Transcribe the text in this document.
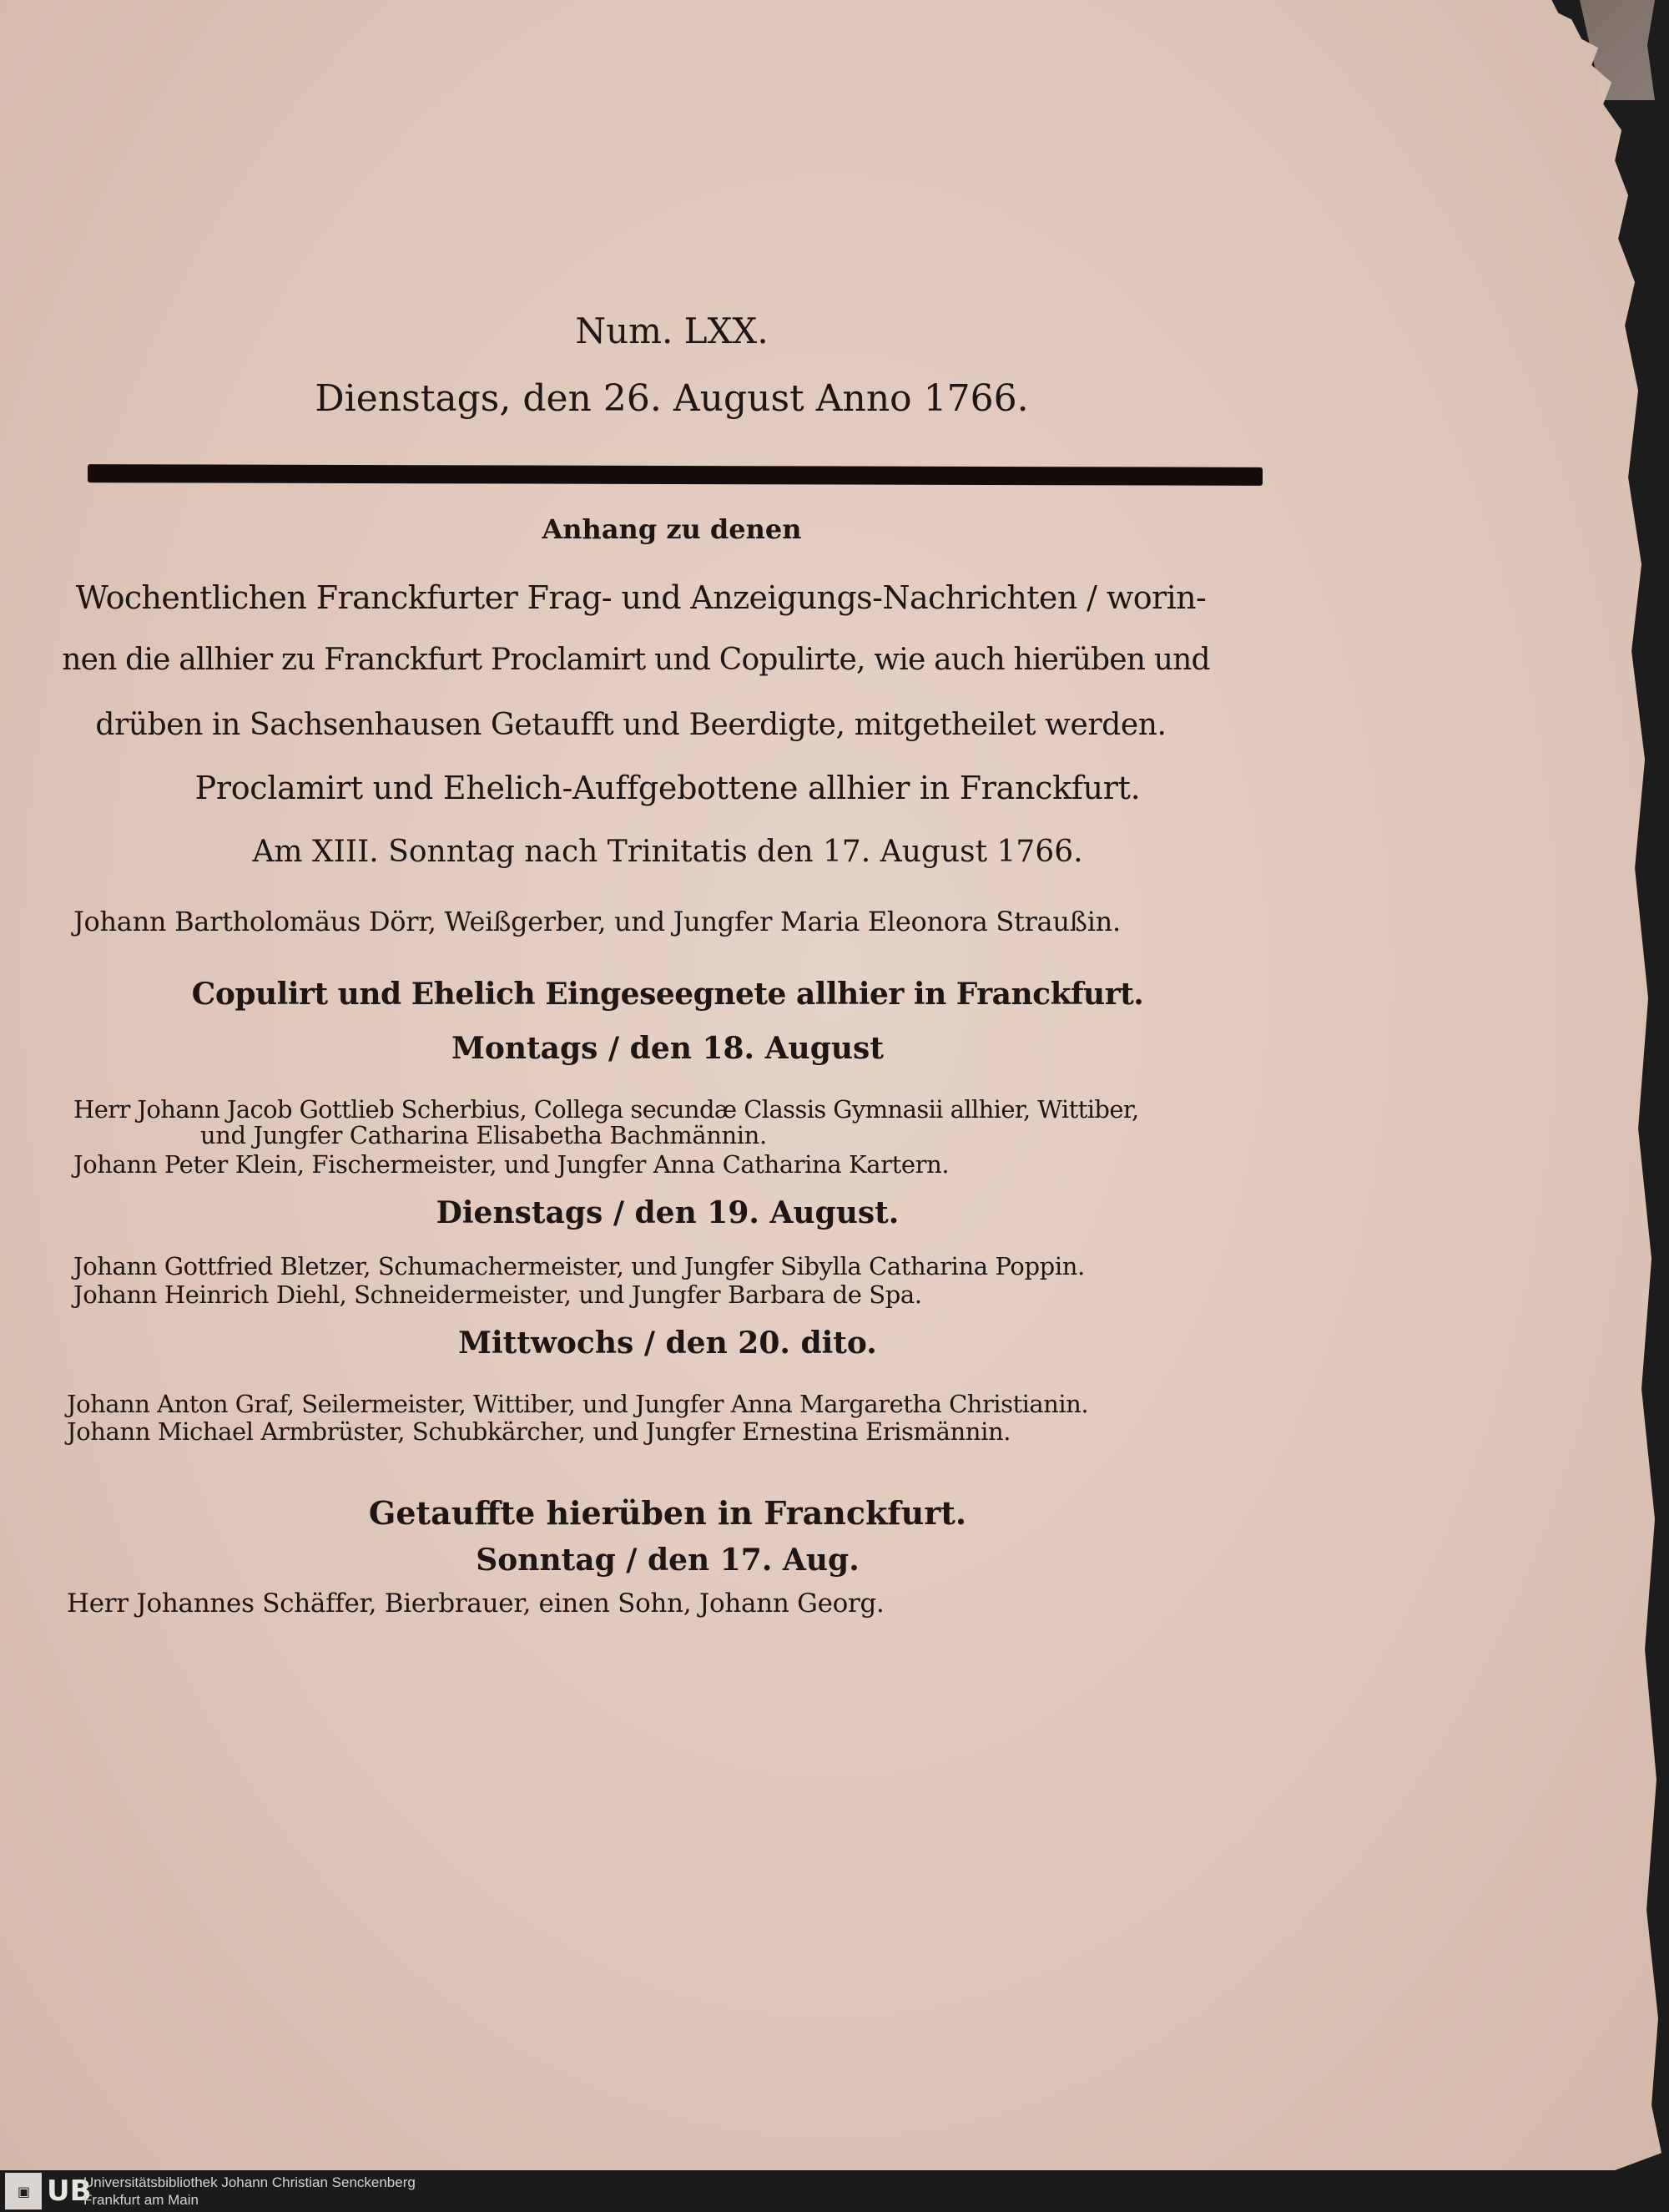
Num. LXX.
Dienstags, den 26. August Anno 1766.
Anhang zu denen
Wochentlichen Franckfurter Frag- und Anzeigungs-Nachrichten / worin-
nen die allhier zu Franckfurt Proclamirt und Copulirte, wie auch hierüben und
drüben in Sachsenhausen Getaufft und Beerdigte, mitgetheilet werden.
Proclamirt und Ehelich-Auffgebottene allhier in Franckfurt.
Am XIII. Sonntag nach Trinitatis den 17. August 1766.
Johann Bartholomäus Dörr, Weißgerber, und Jungfer Maria Eleonora Straußin.
Copulirt und Ehelich Eingeseegnete allhier in Franckfurt.
Montags / den 18. August
Herr Johann Jacob Gottlieb Scherbius, Collega secundæ Classis Gymnasii allhier, Wittiber,
und Jungfer Catharina Elisabetha Bachmännin.
Johann Peter Klein, Fischermeister, und Jungfer Anna Catharina Kartern.
Dienstags / den 19. August.
Johann Gottfried Bletzer, Schumachermeister, und Jungfer Sibylla Catharina Poppin.
Johann Heinrich Diehl, Schneidermeister, und Jungfer Barbara de Spa.
Mittwochs / den 20. dito.
Johann Anton Graf, Seilermeister, Wittiber, und Jungfer Anna Margaretha Christianin.
Johann Michael Armbrüster, Schubkärcher, und Jungfer Ernestina Erismännin.
Getauffte hierüben in Franckfurt.
Sonntag / den 17. Aug.
Herr Johannes Schäffer, Bierbrauer, einen Sohn, Johann Georg.
▣ UB
Universitätsbibliothek Johann Christian Senckenberg
Frankfurt am Main
